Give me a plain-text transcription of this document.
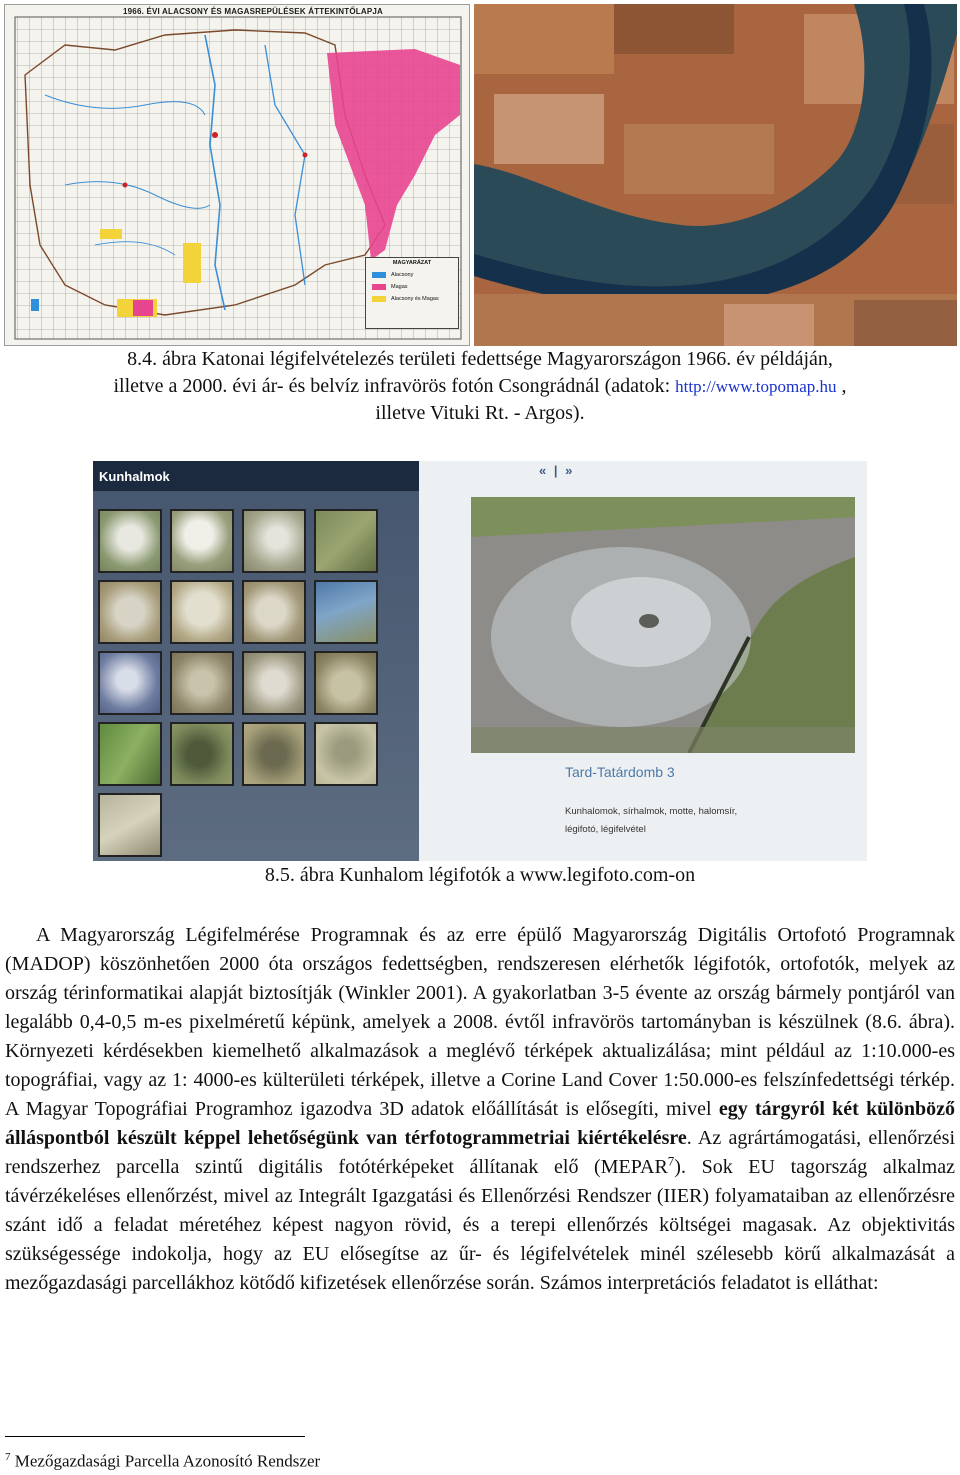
1966. ÉVI ALACSONY ÉS MAGASREPÜLÉSEK ÁTTEKINTŐLAPJA
MAGYARÁZAT
Alacsony
Magas
Alacsony és Magas
8.4. ábra Katonai légifelvételezés területi fedettsége Magyarországon 1966. év példáján,
illetve a 2000. évi ár- és belvíz infravörös fotón Csongrádnál (adatok: http://www.topomap.hu ,
illetve Vituki Rt. - Argos).
Kunhalmok	« | »
Tard-Tatárdomb 3
Kunhalomok, sírhalmok, motte, halomsír,
légifotó, légifelvétel
8.5. ábra Kunhalom légifotók a www.legifoto.com-on

A Magyarország Légifelmérése Programnak és az erre épülő Magyarország Digitális Ortofotó Programnak (MADOP) köszönhetően 2000 óta országos fedettségben, rendszeresen elérhetők légifotók, ortofotók, melyek az ország térinformatikai alapját biztosítják (Winkler 2001). A gyakorlatban 3-5 évente az ország bármely pontjáról van legalább 0,4-0,5 m-es pixelméretű képünk, amelyek a 2008. évtől infravörös tartományban is készülnek (8.6. ábra). Környezeti kérdésekben kiemelhető alkalmazások a meglévő térképek aktualizálása; mint például az 1:10.000-es topográfiai, vagy az 1: 4000-es külterületi térképek, illetve a Corine Land Cover 1:50.000-es felszínfedettségi térkép. A Magyar Topográfiai Programhoz igazodva 3D adatok előállítását is elősegíti, mivel egy tárgyról két különböző álláspontból készült képpel lehetőségünk van térfotogrammetriai kiértékelésre. Az agrártámogatási, ellenőrzési rendszerhez parcella szintű digitális fotótérképeket állítanak elő (MEPAR$^7$). Sok EU tagország alkalmaz távérzékeléses ellenőrzést, mivel az Integrált Igazgatási és Ellenőrzési Rendszer (IIER) folyamataiban az ellenőrzésre szánt idő a feladat méretéhez képest nagyon rövid, és a terepi ellenőrzés költségei magasak. Az objektivitás szükségessége indokolja, hogy az EU elősegítse az űr- és légifelvételek minél szélesebb körű alkalmazását a mezőgazdasági parcellákhoz kötődő kifizetések ellenőrzése során. Számos interpretációs feladatot is elláthat:

$^7$ Mezőgazdasági Parcella Azonosító Rendszer
